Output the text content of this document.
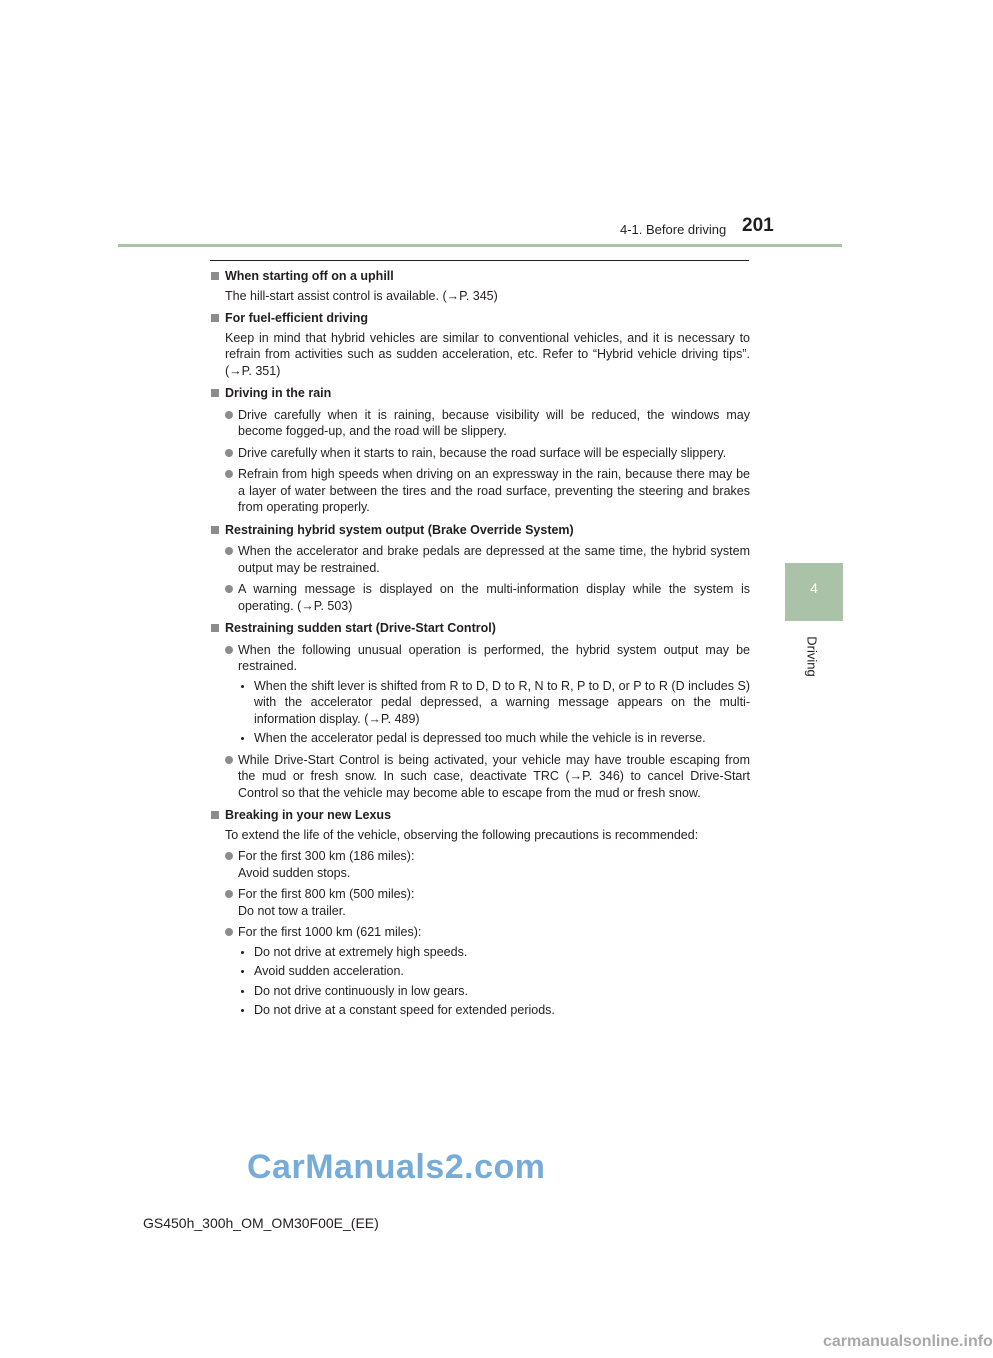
4-1. Before driving 201
4
Driving
When starting off on a uphill
The hill-start assist control is available. (→P. 345)
For fuel-efficient driving
Keep in mind that hybrid vehicles are similar to conventional vehicles, and it is necessary to refrain from activities such as sudden acceleration, etc. Refer to “Hybrid vehicle driving tips”. (→P. 351)
Driving in the rain
Drive carefully when it is raining, because visibility will be reduced, the windows may become fogged-up, and the road will be slippery.
Drive carefully when it starts to rain, because the road surface will be especially slippery.
Refrain from high speeds when driving on an expressway in the rain, because there may be a layer of water between the tires and the road surface, preventing the steering and brakes from operating properly.
Restraining hybrid system output (Brake Override System)
When the accelerator and brake pedals are depressed at the same time, the hybrid system output may be restrained.
A warning message is displayed on the multi-information display while the system is operating. (→P. 503)
Restraining sudden start (Drive-Start Control)
When the following unusual operation is performed, the hybrid system output may be restrained.
When the shift lever is shifted from R to D, D to R, N to R, P to D, or P to R (D includes S) with the accelerator pedal depressed, a warning message appears on the multi-information display. (→P. 489)
When the accelerator pedal is depressed too much while the vehicle is in reverse.
While Drive-Start Control is being activated, your vehicle may have trouble escaping from the mud or fresh snow. In such case, deactivate TRC (→P. 346) to cancel Drive-Start Control so that the vehicle may become able to escape from the mud or fresh snow.
Breaking in your new Lexus
To extend the life of the vehicle, observing the following precautions is recommended:
For the first 300 km (186 miles):
Avoid sudden stops.
For the first 800 km (500 miles):
Do not tow a trailer.
For the first 1000 km (621 miles):
Do not drive at extremely high speeds.
Avoid sudden acceleration.
Do not drive continuously in low gears.
Do not drive at a constant speed for extended periods.
CarManuals2.com
GS450h_300h_OM_OM30F00E_(EE)
carmanualsonline.info
